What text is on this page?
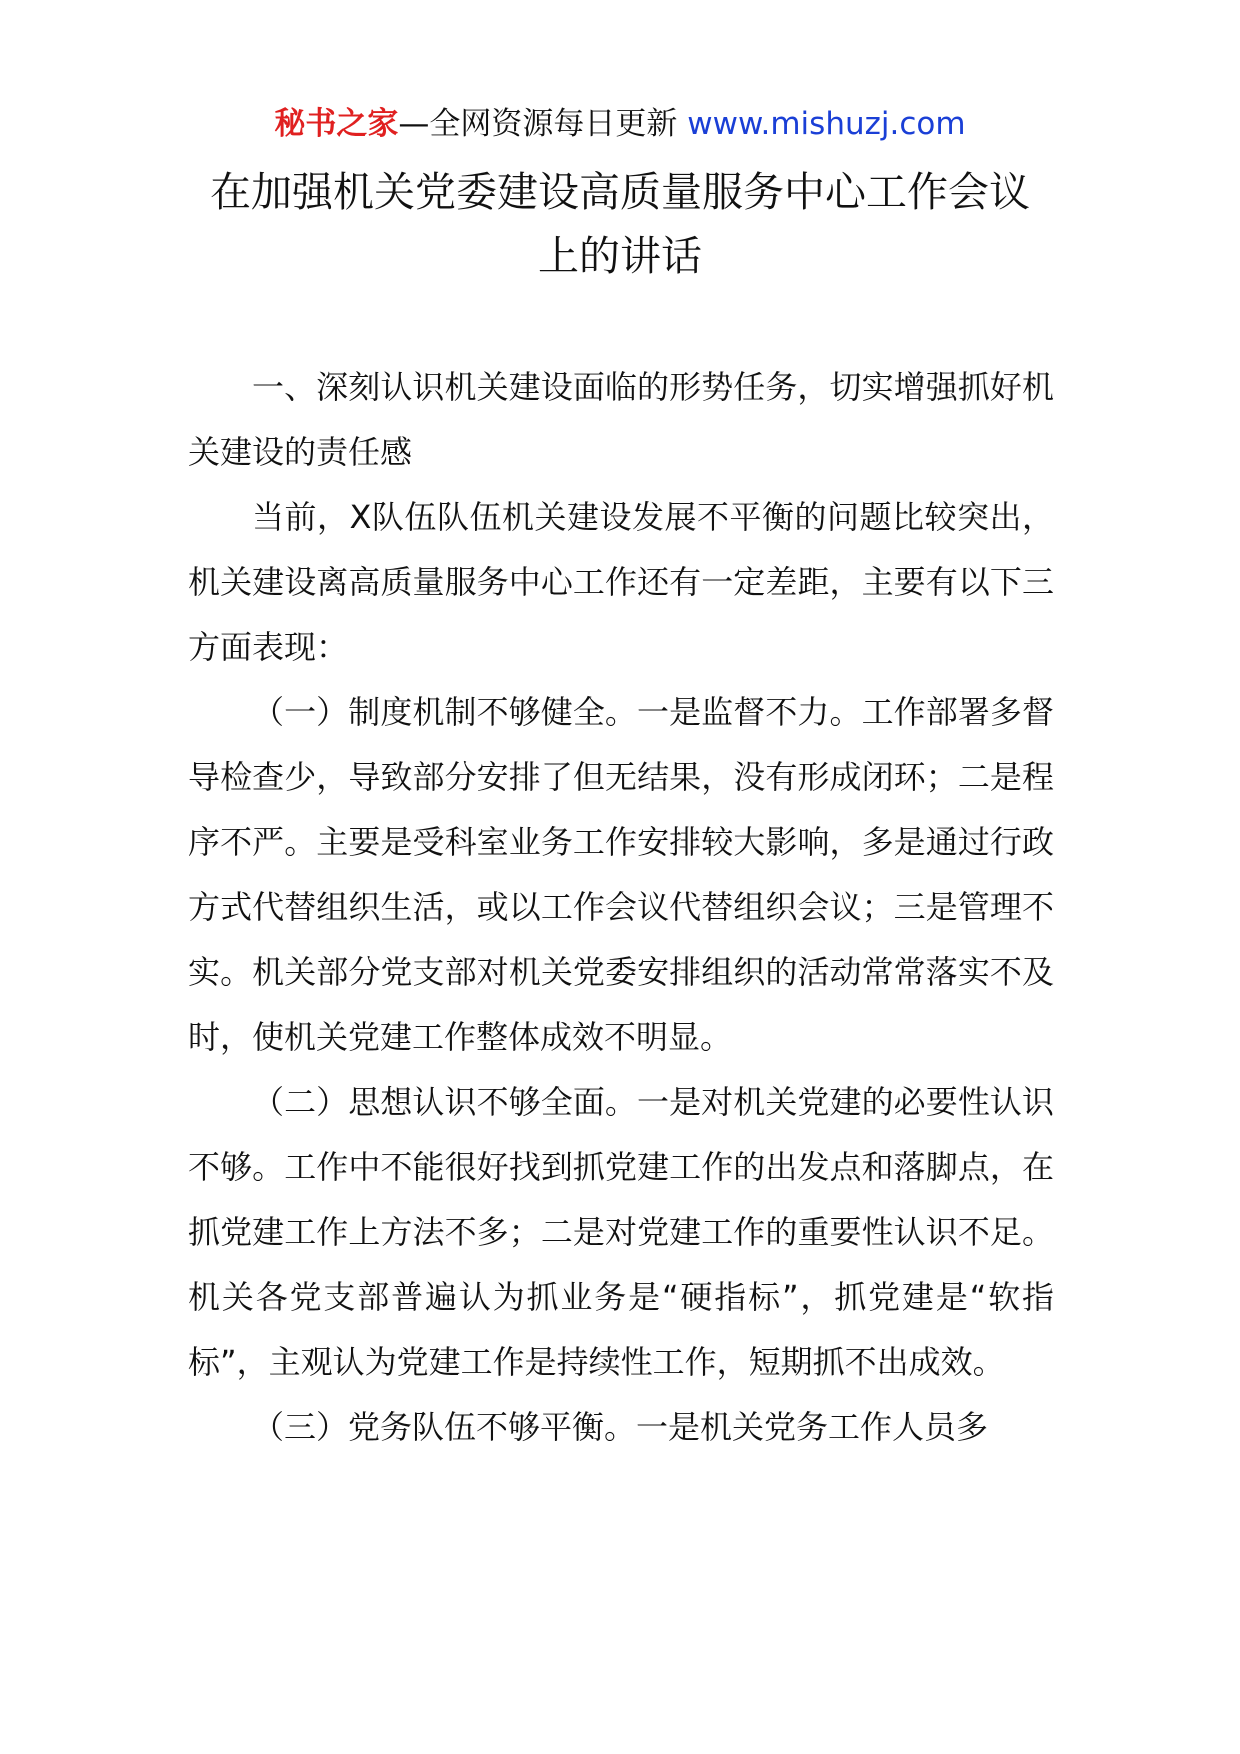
秘书之家—全网资源每日更新 www.mishuzj.com
在加强机关党委建设高质量服务中心工作会议
上的讲话

一、深刻认识机关建设面临的形势任务，切实增强抓好机关建设的责任感

当前，X队伍队伍机关建设发展不平衡的问题比较突出，机关建设离高质量服务中心工作还有一定差距，主要有以下三方面表现：

（一）制度机制不够健全。一是监督不力。工作部署多督导检查少，导致部分安排了但无结果，没有形成闭环；二是程序不严。主要是受科室业务工作安排较大影响，多是通过行政方式代替组织生活，或以工作会议代替组织会议；三是管理不实。机关部分党支部对机关党委安排组织的活动常常落实不及时，使机关党建工作整体成效不明显。

（二）思想认识不够全面。一是对机关党建的必要性认识不够。工作中不能很好找到抓党建工作的出发点和落脚点，在抓党建工作上方法不多；二是对党建工作的重要性认识不足。机关各党支部普遍认为抓业务是“硬指标”，抓党建是“软指标”，主观认为党建工作是持续性工作，短期抓不出成效。

（三）党务队伍不够平衡。一是机关党务工作人员多
